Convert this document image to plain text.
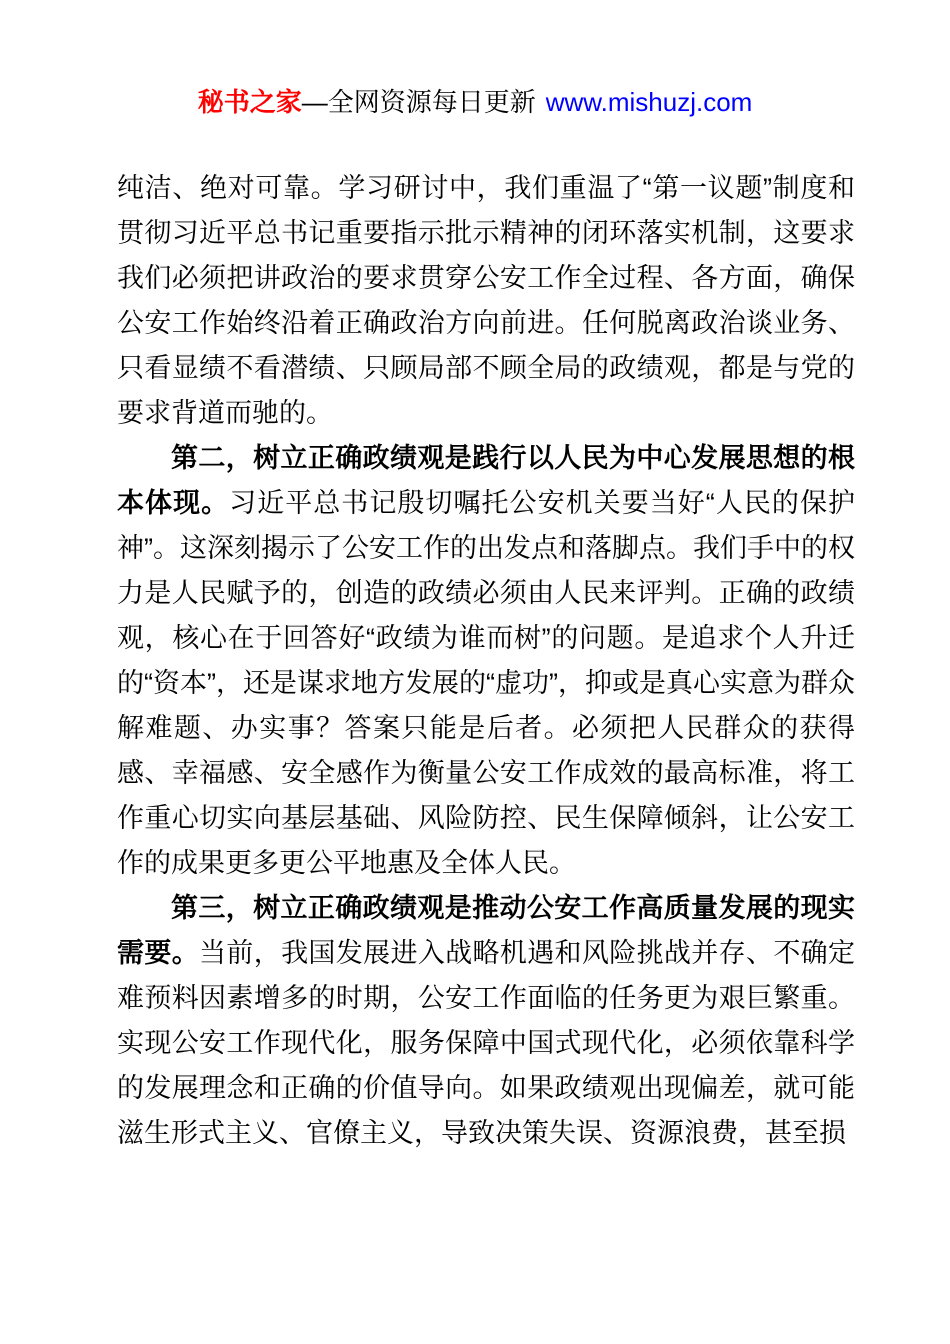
秘书之家—全网资源每日更新 www.mishuzj.com

纯洁、绝对可靠。学习研讨中，我们重温了“第一议题”制度和贯彻习近平总书记重要指示批示精神的闭环落实机制，这要求我们必须把讲政治的要求贯穿公安工作全过程、各方面，确保公安工作始终沿着正确政治方向前进。任何脱离政治谈业务、只看显绩不看潜绩、只顾局部不顾全局的政绩观，都是与党的要求背道而驰的。

第二，树立正确政绩观是践行以人民为中心发展思想的根本体现。习近平总书记殷切嘱托公安机关要当好“人民的保护神”。这深刻揭示了公安工作的出发点和落脚点。我们手中的权力是人民赋予的，创造的政绩必须由人民来评判。正确的政绩观，核心在于回答好“政绩为谁而树”的问题。是追求个人升迁的“资本”，还是谋求地方发展的“虚功”，抑或是真心实意为群众解难题、办实事？答案只能是后者。必须把人民群众的获得感、幸福感、安全感作为衡量公安工作成效的最高标准，将工作重心切实向基层基础、风险防控、民生保障倾斜，让公安工作的成果更多更公平地惠及全体人民。

第三，树立正确政绩观是推动公安工作高质量发展的现实需要。当前，我国发展进入战略机遇和风险挑战并存、不确定难预料因素增多的时期，公安工作面临的任务更为艰巨繁重。实现公安工作现代化，服务保障中国式现代化，必须依靠科学的发展理念和正确的价值导向。如果政绩观出现偏差，就可能滋生形式主义、官僚主义，导致决策失误、资源浪费，甚至损
